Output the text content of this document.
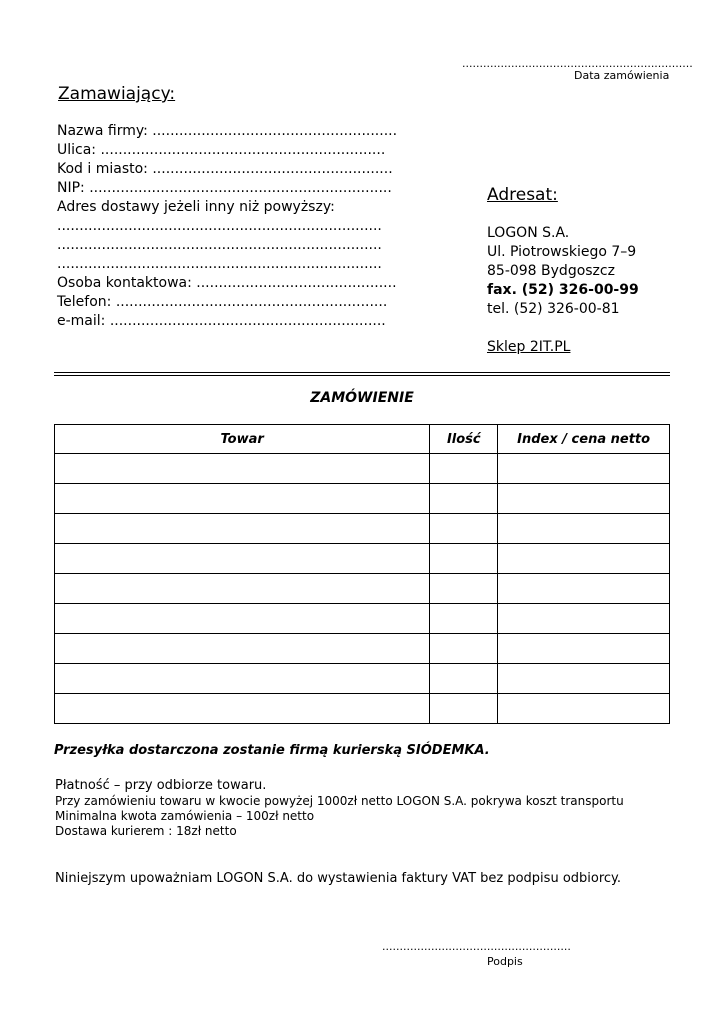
..................................................................
Data zamówienia
Zamawiający:
Nazwa firmy: .......................................................
Ulica: ................................................................
Kod i miasto: ......................................................
NIP: ....................................................................
Adres dostawy jeżeli inny niż powyższy:
.........................................................................
.........................................................................
.........................................................................
Osoba kontaktowa: .............................................
Telefon: .............................................................
e-mail: ..............................................................
Adresat:
LOGON S.A.
Ul. Piotrowskiego 7–9
85-098 Bydgoszcz
fax. (52) 326-00-99
tel. (52) 326-00-81
Sklep 2IT.PL
ZAMÓWIENIE
Towar	Ilość	Index / cena netto

Przesyłka dostarczona zostanie firmą kurierską SIÓDEMKA.
Płatność – przy odbiorze towaru.
Przy zamówieniu towaru w kwocie powyżej 1000zł netto LOGON S.A. pokrywa koszt transportu
Minimalna kwota zamówienia – 100zł netto
Dostawa kurierem : 18zł netto
Niniejszym upoważniam LOGON S.A. do wystawienia faktury VAT bez podpisu odbiorcy.
......................................................
Podpis
